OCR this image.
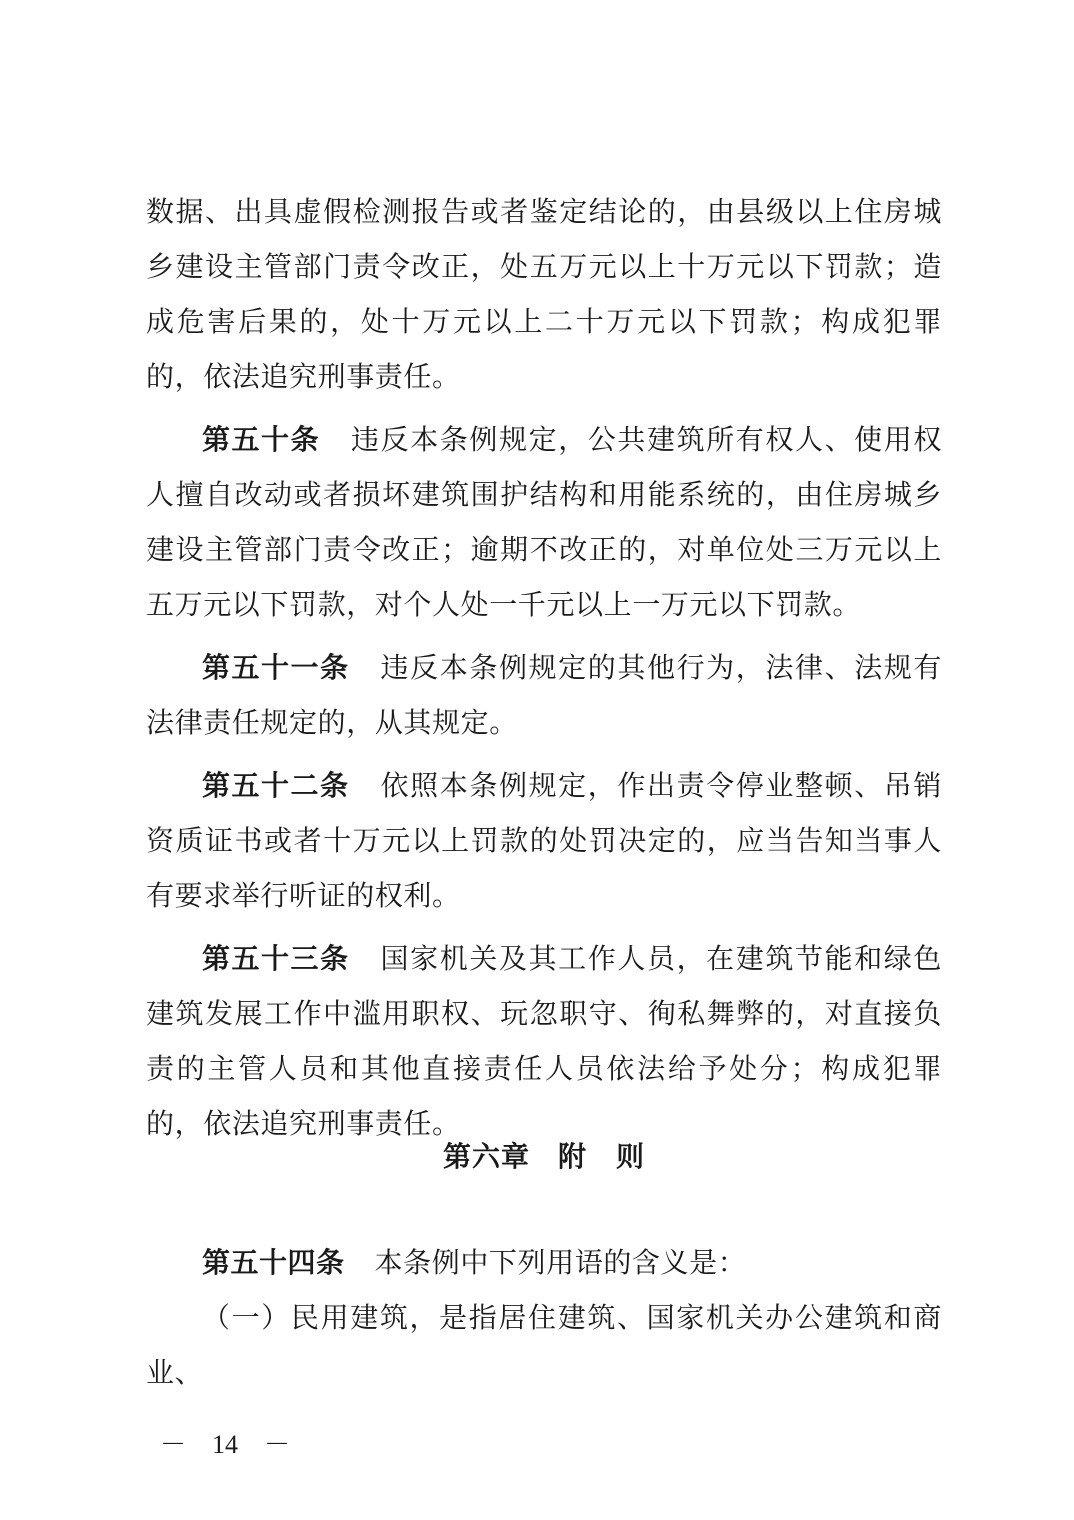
数据、出具虚假检测报告或者鉴定结论的，由县级以上住房城乡建设主管部门责令改正，处五万元以上十万元以下罚款；造成危害后果的，处十万元以上二十万元以下罚款；构成犯罪的，依法追究刑事责任。

第五十条 违反本条例规定，公共建筑所有权人、使用权人擅自改动或者损坏建筑围护结构和用能系统的，由住房城乡建设主管部门责令改正；逾期不改正的，对单位处三万元以上五万元以下罚款，对个人处一千元以上一万元以下罚款。

第五十一条 违反本条例规定的其他行为，法律、法规有法律责任规定的，从其规定。

第五十二条 依照本条例规定，作出责令停业整顿、吊销资质证书或者十万元以上罚款的处罚决定的，应当告知当事人有要求举行听证的权利。

第五十三条 国家机关及其工作人员，在建筑节能和绿色建筑发展工作中滥用职权、玩忽职守、徇私舞弊的，对直接负责的主管人员和其他直接责任人员依法给予处分；构成犯罪的，依法追究刑事责任。

第六章 附　则

第五十四条 本条例中下列用语的含义是：

（一）民用建筑，是指居住建筑、国家机关办公建筑和商业、

－　14　－
